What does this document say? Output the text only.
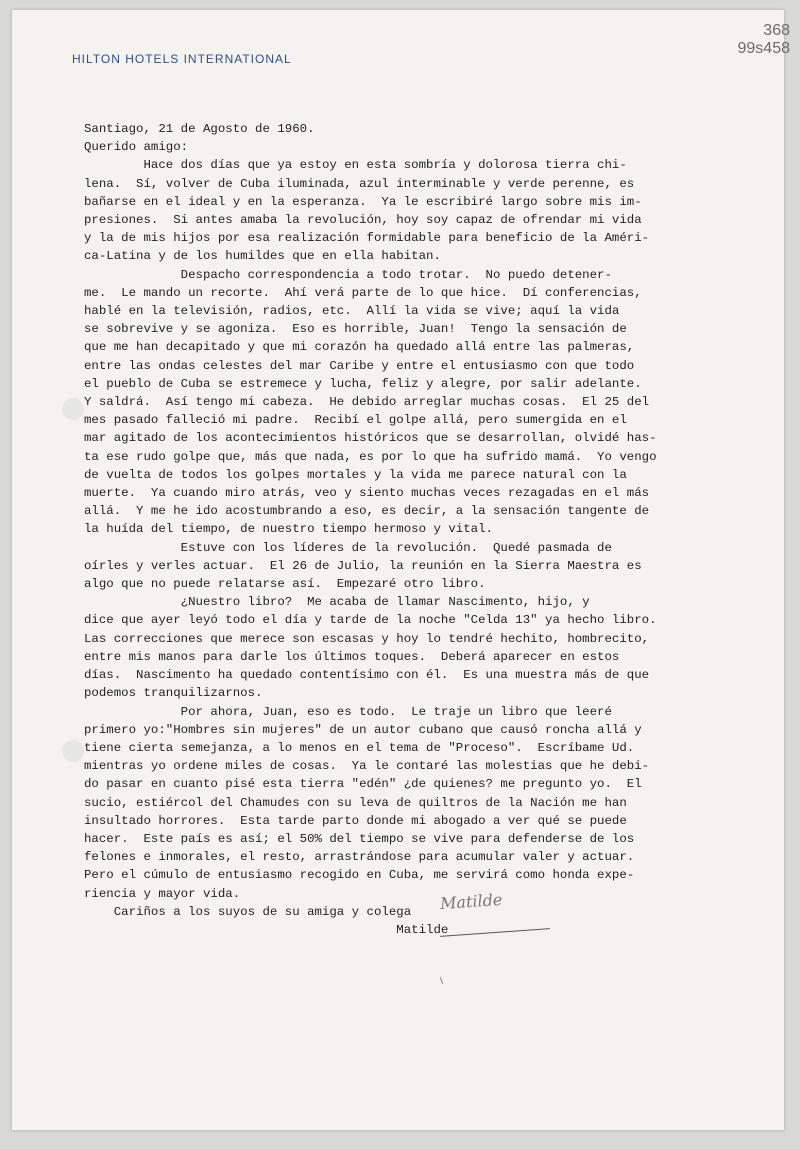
HILTON HOTELS INTERNATIONAL
368
99s458
Santiago, 21 de Agosto de 1960.
Querido amigo:
Hace dos días que ya estoy en esta sombría y dolorosa tierra chi-
lena.  Sí, volver de Cuba iluminada, azul interminable y verde perenne, es
bañarse en el ideal y en la esperanza.  Ya le escribiré largo sobre mis im-
presiones.  Si antes amaba la revolución, hoy soy capaz de ofrendar mi vida
y la de mis hijos por esa realización formidable para beneficio de la Améri-
ca-Latina y de los humildes que en ella habitan.
Despacho correspondencia a todo trotar.  No puedo detener-
me.  Le mando un recorte.  Ahí verá parte de lo que hice.  Dí conferencias,
hablé en la televisión, radios, etc.  Allí la vida se vive; aquí la vida
se sobrevive y se agoniza.  Eso es horrible, Juan!  Tengo la sensación de
que me han decapitado y que mi corazón ha quedado allá entre las palmeras,
entre las ondas celestes del mar Caribe y entre el entusiasmo con que todo
el pueblo de Cuba se estremece y lucha, feliz y alegre, por salir adelante.
Y saldrá.  Así tengo mi cabeza.  He debido arreglar muchas cosas.  El 25 del
mes pasado falleció mi padre.  Recibí el golpe allá, pero sumergida en el
mar agitado de los acontecimientos históricos que se desarrollan, olvidé has-
ta ese rudo golpe que, más que nada, es por lo que ha sufrido mamá.  Yo vengo
de vuelta de todos los golpes mortales y la vida me parece natural con la
muerte.  Ya cuando miro atrás, veo y siento muchas veces rezagadas en el más
allá.  Y me he ido acostumbrando a eso, es decir, a la sensación tangente de
la huída del tiempo, de nuestro tiempo hermoso y vital.
Estuve con los líderes de la revolución.  Quedé pasmada de
oírles y verles actuar.  El 26 de Julio, la reunión en la Sierra Maestra es
algo que no puede relatarse así.  Empezaré otro libro.
¿Nuestro libro?  Me acaba de llamar Nascimento, hijo, y
dice que ayer leyó todo el día y tarde de la noche "Celda 13" ya hecho libro.
Las correcciones que merece son escasas y hoy lo tendré hechito, hombrecito,
entre mis manos para darle los últimos toques.  Deberá aparecer en estos
días.  Nascimento ha quedado contentísimo con él.  Es una muestra más de que
podemos tranquilizarnos.
Por ahora, Juan, eso es todo.  Le traje un libro que leeré
primero yo:"Hombres sin mujeres" de un autor cubano que causó roncha allá y
tiene cierta semejanza, a lo menos en el tema de "Proceso".  Escríbame Ud.
mientras yo ordene miles de cosas.  Ya le contaré las molestias que he debi-
do pasar en cuanto pisé esta tierra "edén" ¿de quienes? me pregunto yo.  El
sucio, estiércol del Chamudes con su leva de quiltros de la Nación me han
insultado horrores.  Esta tarde parto donde mi abogado a ver qué se puede
hacer.  Este país es así; el 50% del tiempo se vive para defenderse de los
felones e inmorales, el resto, arrastrándose para acumular valer y actuar.
Pero el cúmulo de entusiasmo recogido en Cuba, me servirá como honda expe-
riencia y mayor vida.
Cariños a los suyos de su amiga y colega
Matilde
Matilde
